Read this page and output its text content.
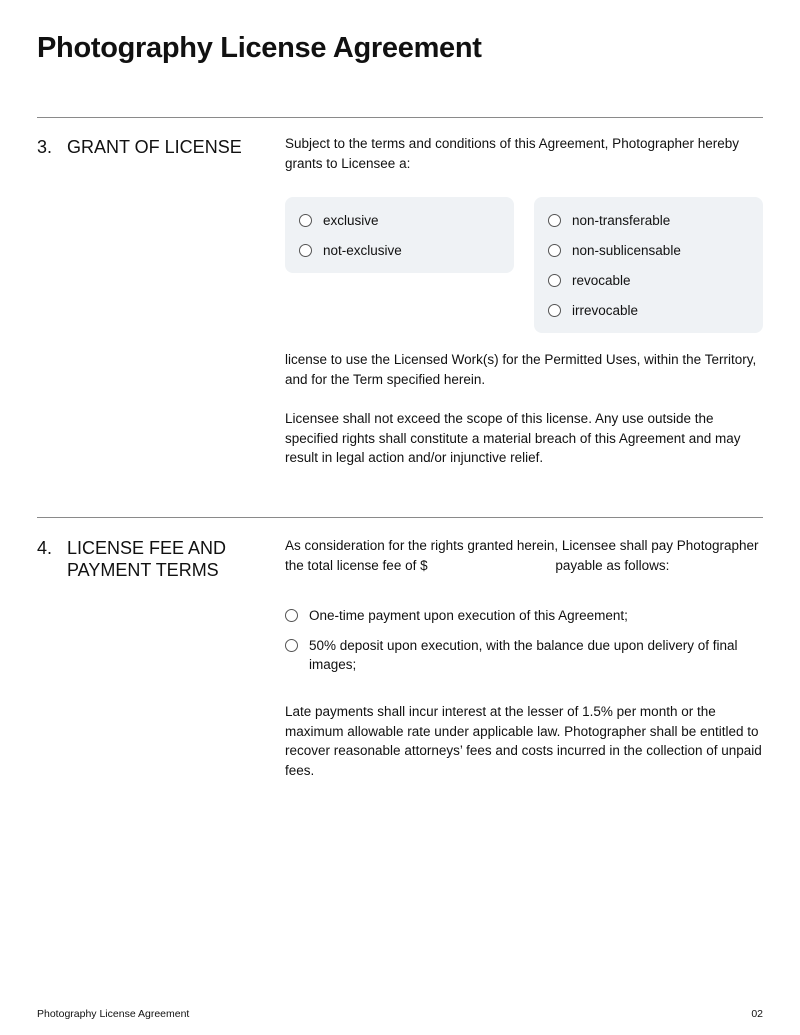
Photography License Agreement
3. GRANT OF LICENSE	Subject to the terms and conditions of this Agreement, Photographer hereby grants to Licensee a:

exclusive
not-exclusive
non-transferable
non-sublicensable
revocable
irrevocable

license to use the Licensed Work(s) for the Permitted Uses, within the Territory, and for the Term specified herein.

Licensee shall not exceed the scope of this license. Any use outside the specified rights shall constitute a material breach of this Agreement and may result in legal action and/or injunctive relief.

4. LICENSE FEE AND PAYMENT TERMS

As consideration for the rights granted herein, Licensee shall pay Photographer the total license fee of $	payable as follows:

One-time payment upon execution of this Agreement;
50% deposit upon execution, with the balance due upon delivery of final images;

Late payments shall incur interest at the lesser of 1.5% per month or the maximum allowable rate under applicable law. Photographer shall be entitled to recover reasonable attorneys’ fees and costs incurred in the collection of unpaid fees.

Photography License Agreement	02
